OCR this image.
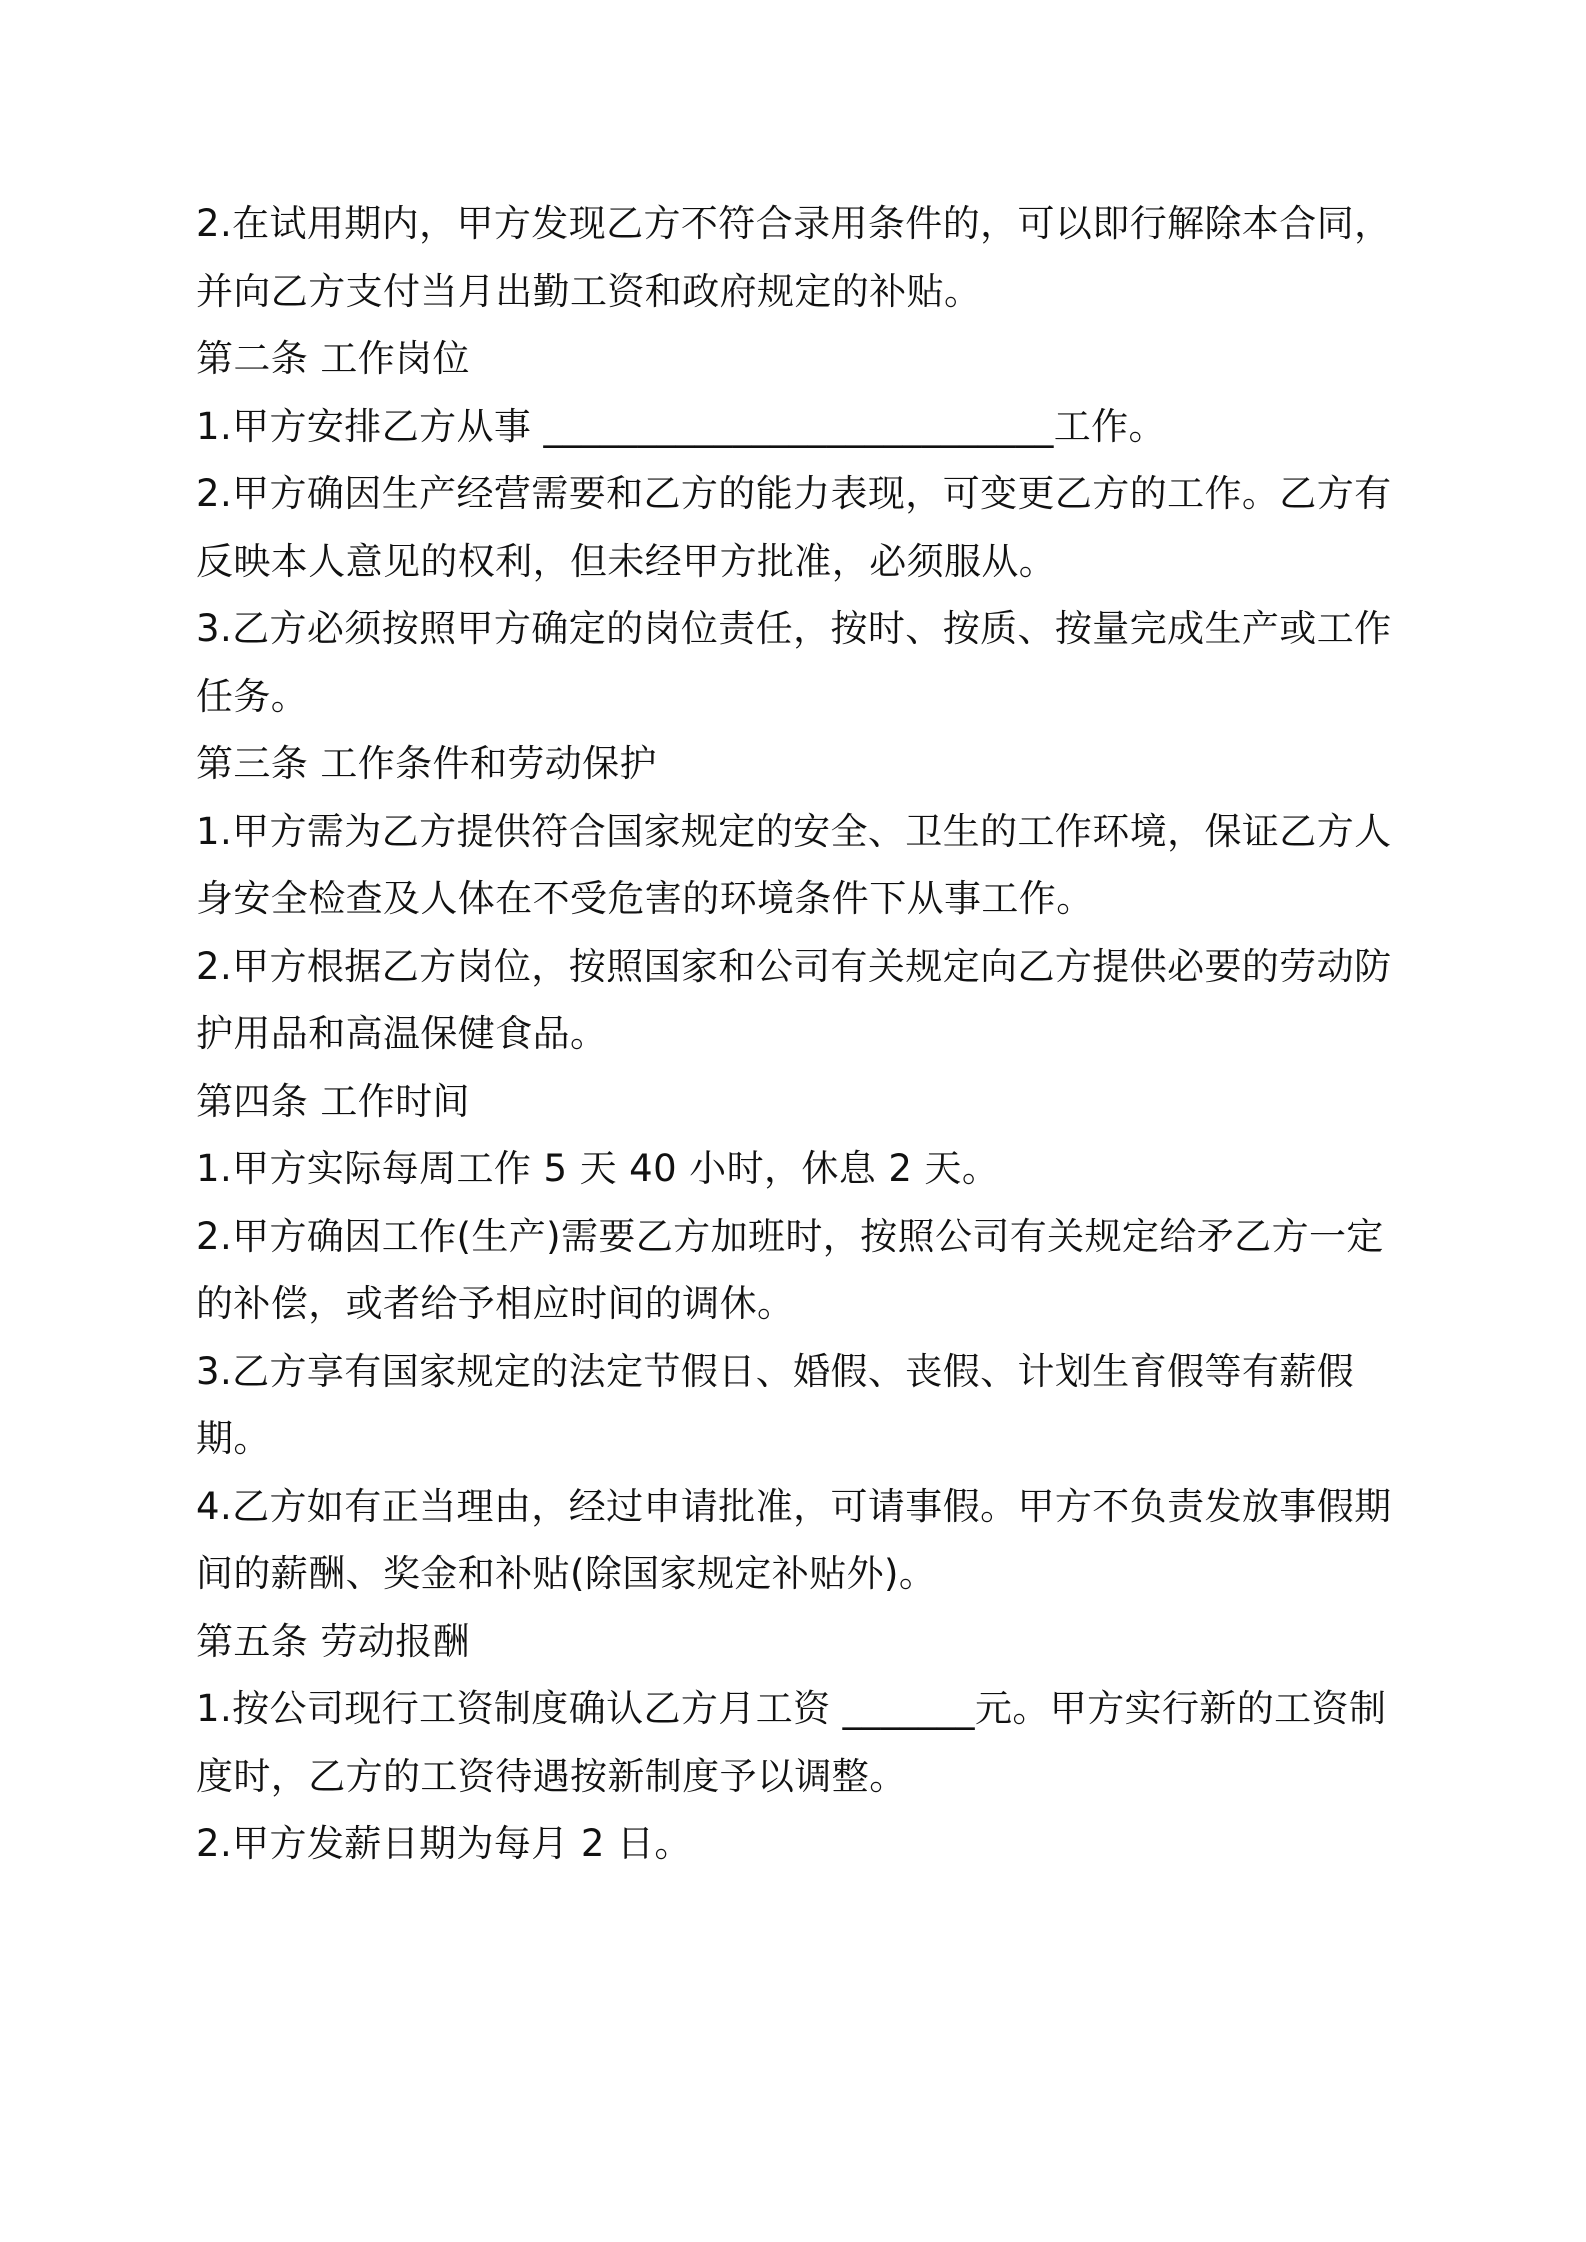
2.在试用期内，甲方发现乙方不符合录用条件的，可以即行解除本合同，
并向乙方支付当月出勤工资和政府规定的补贴。
第二条 工作岗位
1.甲方安排乙方从事 ___________________________工作。
2.甲方确因生产经营需要和乙方的能力表现，可变更乙方的工作。乙方有
反映本人意见的权利，但未经甲方批准，必须服从。
3.乙方必须按照甲方确定的岗位责任，按时、按质、按量完成生产或工作
任务。
第三条 工作条件和劳动保护
1.甲方需为乙方提供符合国家规定的安全、卫生的工作环境，保证乙方人
身安全检查及人体在不受危害的环境条件下从事工作。
2.甲方根据乙方岗位，按照国家和公司有关规定向乙方提供必要的劳动防
护用品和高温保健食品。
第四条 工作时间
1.甲方实际每周工作 5 天 40 小时，休息 2 天。
2.甲方确因工作(生产)需要乙方加班时，按照公司有关规定给矛乙方一定
的补偿，或者给予相应时间的调休。
3.乙方享有国家规定的法定节假日、婚假、丧假、计划生育假等有薪假
期。
4.乙方如有正当理由，经过申请批准，可请事假。甲方不负责发放事假期
间的薪酬、奖金和补贴(除国家规定补贴外)。
第五条 劳动报酬
1.按公司现行工资制度确认乙方月工资 _______元。甲方实行新的工资制
度时，乙方的工资待遇按新制度予以调整。
2.甲方发薪日期为每月 2 日。
